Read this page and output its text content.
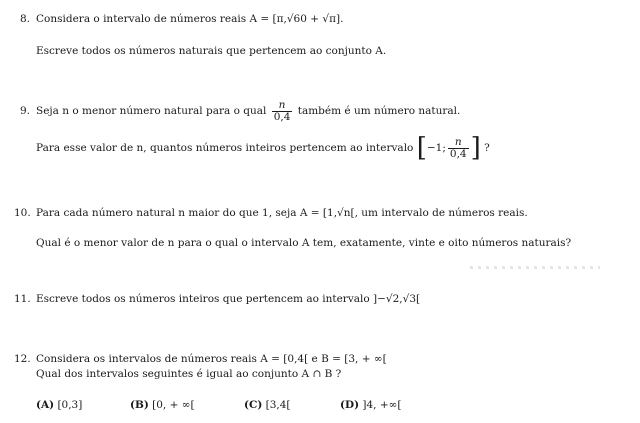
8. Considera o intervalo de números reais A = [π,√60 + √π].
Escreve todos os números naturais que pertencem ao conjunto A.
9. Seja n o menor número natural para o qual $\frac{n}{0,4}$ também é um número natural.
Para esse valor de n, quantos números inteiros pertencem ao intervalo [−1; $\frac{n}{0,4}$ ] ?
10. Para cada número natural n maior do que 1, seja A = [1,√n[, um intervalo de números reais.
Qual é o menor valor de n para o qual o intervalo A tem, exatamente, vinte e oito números naturais?
11. Escreve todos os números inteiros que pertencem ao intervalo ]−√2,√3[
12. Considera os intervalos de números reais A = [0,4[ e B = [3, + ∞[
Qual dos intervalos seguintes é igual ao conjunto A ∩ B ?
(A) [0,3]	(B) [0, + ∞[	(C) [3,4[	(D) ]4, +∞[
